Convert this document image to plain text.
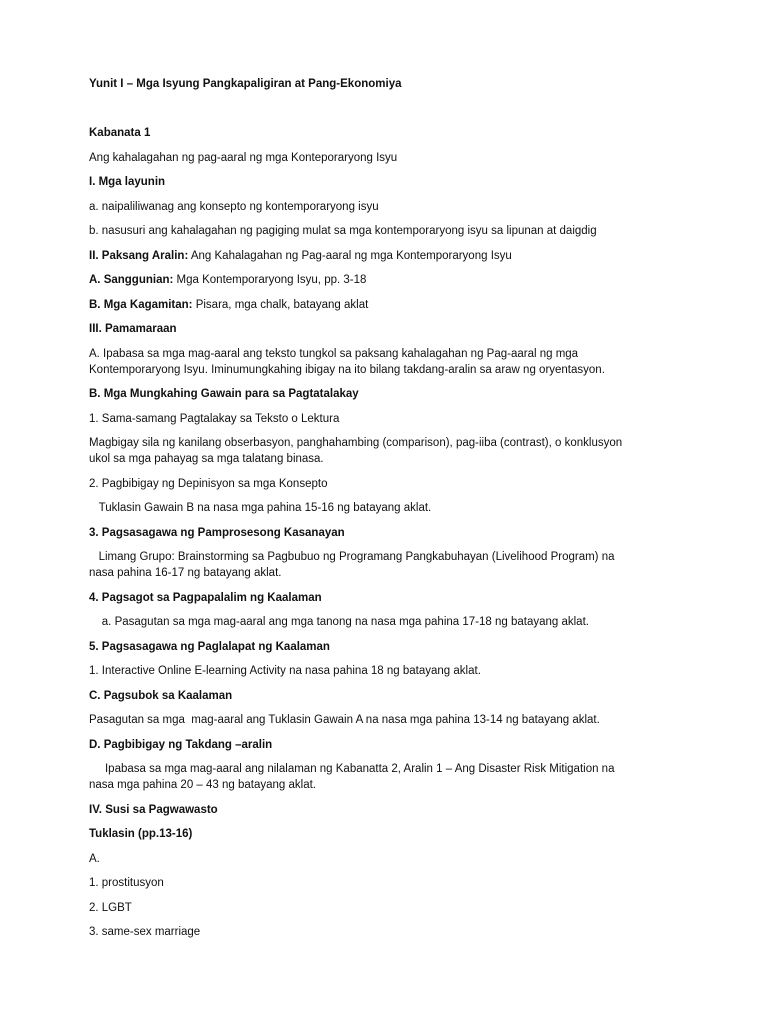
Yunit I – Mga Isyung Pangkapaligiran at Pang-Ekonomiya

Kabanata 1

Ang kahalagahan ng pag-aaral ng mga Konteporaryong Isyu

I. Mga layunin

a. naipaliliwanag ang konsepto ng kontemporaryong isyu

b. nasusuri ang kahalagahan ng pagiging mulat sa mga kontemporaryong isyu sa lipunan at daigdig

II. Paksang Aralin: Ang Kahalagahan ng Pag-aaral ng mga Kontemporaryong Isyu

A. Sanggunian: Mga Kontemporaryong Isyu, pp. 3-18

B. Mga Kagamitan: Pisara, mga chalk, batayang aklat

III. Pamamaraan

A. Ipabasa sa mga mag-aaral ang teksto tungkol sa paksang kahalagahan ng Pag-aaral ng mga

Kontemporaryong Isyu. Iminumungkahing ibigay na ito bilang takdang-aralin sa araw ng oryentasyon.

B. Mga Mungkahing Gawain para sa Pagtatalakay

1. Sama-samang Pagtalakay sa Teksto o Lektura

Magbigay sila ng kanilang obserbasyon, panghahambing (comparison), pag-iiba (contrast), o konklusyon

ukol sa mga pahayag sa mga talatang binasa.

2. Pagbibigay ng Depinisyon sa mga Konsepto

Tuklasin Gawain B na nasa mga pahina 15-16 ng batayang aklat.

3. Pagsasagawa ng Pamprosesong Kasanayan

Limang Grupo: Brainstorming sa Pagbubuo ng Programang Pangkabuhayan (Livelihood Program) na

nasa pahina 16-17 ng batayang aklat.

4. Pagsagot sa Pagpapalalim ng Kaalaman

a. Pasagutan sa mga mag-aaral ang mga tanong na nasa mga pahina 17-18 ng batayang aklat.

5. Pagsasagawa ng Paglalapat ng Kaalaman

1. Interactive Online E-learning Activity na nasa pahina 18 ng batayang aklat.

C. Pagsubok sa Kaalaman

Pasagutan sa mga  mag-aaral ang Tuklasin Gawain A na nasa mga pahina 13-14 ng batayang aklat.

D. Pagbibigay ng Takdang –aralin

Ipabasa sa mga mag-aaral ang nilalaman ng Kabanatta 2, Aralin 1 – Ang Disaster Risk Mitigation na

nasa mga pahina 20 – 43 ng batayang aklat.

IV. Susi sa Pagwawasto

Tuklasin (pp.13-16)

A.

1. prostitusyon

2. LGBT

3. same-sex marriage
